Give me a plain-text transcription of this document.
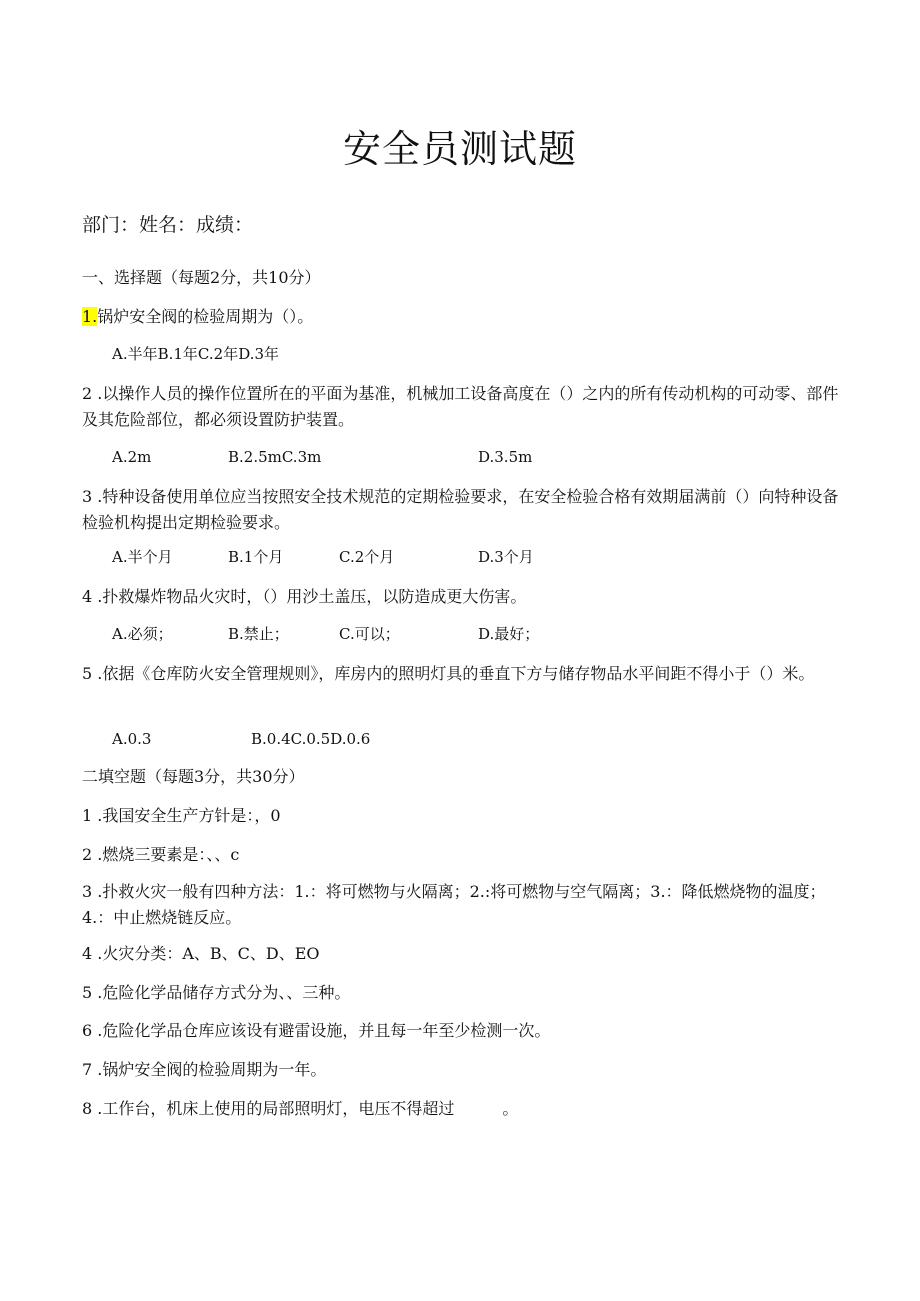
安全员测试题
部门：姓名：成绩：
一、选择题（每题2分，共10分）
1.锅炉安全阀的检验周期为（）。
A.半年B.1年C.2年D.3年
2 .以操作人员的操作位置所在的平面为基准，机械加工设备高度在（）之内的所有传动机构的可动零、部件及其危险部位，都必须设置防护装置。
A.2m	B.2.5mC.3m	D.3.5m
3 .特种设备使用单位应当按照安全技术规范的定期检验要求，在安全检验合格有效期届满前（）向特种设备检验机构提出定期检验要求。
A.半个月	B.1个月	C.2个月	D.3个月
4 .扑救爆炸物品火灾时，（）用沙土盖压，以防造成更大伤害。
A.必须；	B.禁止；	C.可以；	D.最好；
5 .依据《仓库防火安全管理规则》，库房内的照明灯具的垂直下方与储存物品水平间距不得小于（）米。
A.0.3	B.0.4C.0.5D.0.6
二填空题（每题3分，共30分）
1 .我国安全生产方针是：，0
2 .燃烧三要素是：、、c
3 .扑救火灾一般有四种方法：1.：将可燃物与火隔离；2.:将可燃物与空气隔离；3.：降低燃烧物的温度；4.：中止燃烧链反应。
4 .火灾分类：A、B、C、D、EO
5 .危险化学品储存方式分为、、三种。
6 .危险化学品仓库应该设有避雷设施，并且每一年至少检测一次。
7 .锅炉安全阀的检验周期为一年。
8 .工作台，机床上使用的局部照明灯，电压不得超过　　　。
